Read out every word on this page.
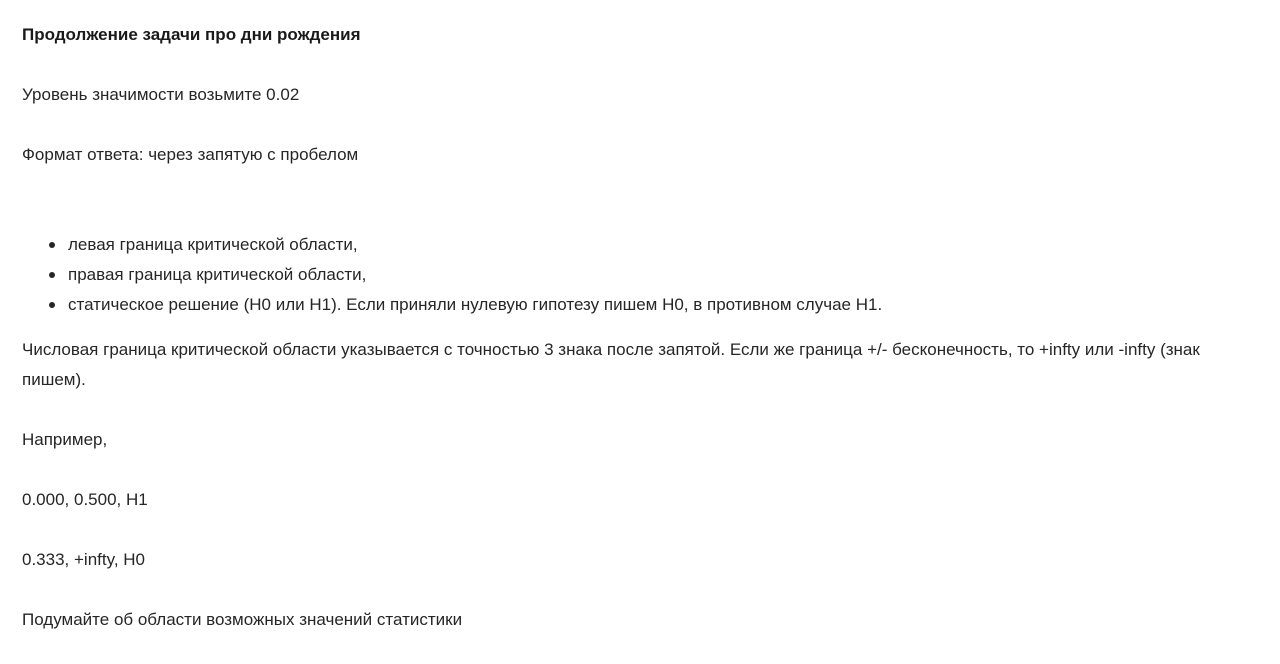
Продолжение задачи про дни рождения

Уровень значимости возьмите 0.02

Формат ответа: через запятую с пробелом

левая граница критической области,
правая граница критической области,
статическое решение (H0 или H1). Если приняли нулевую гипотезу пишем H0, в противном случае H1.

Числовая граница критической области указывается с точностью 3 знака после запятой. Если же граница +/- бесконечность, то +infty или -infty (знак пишем).

Например,

0.000, 0.500, H1

0.333, +infty, H0

Подумайте об области возможных значений статистики
